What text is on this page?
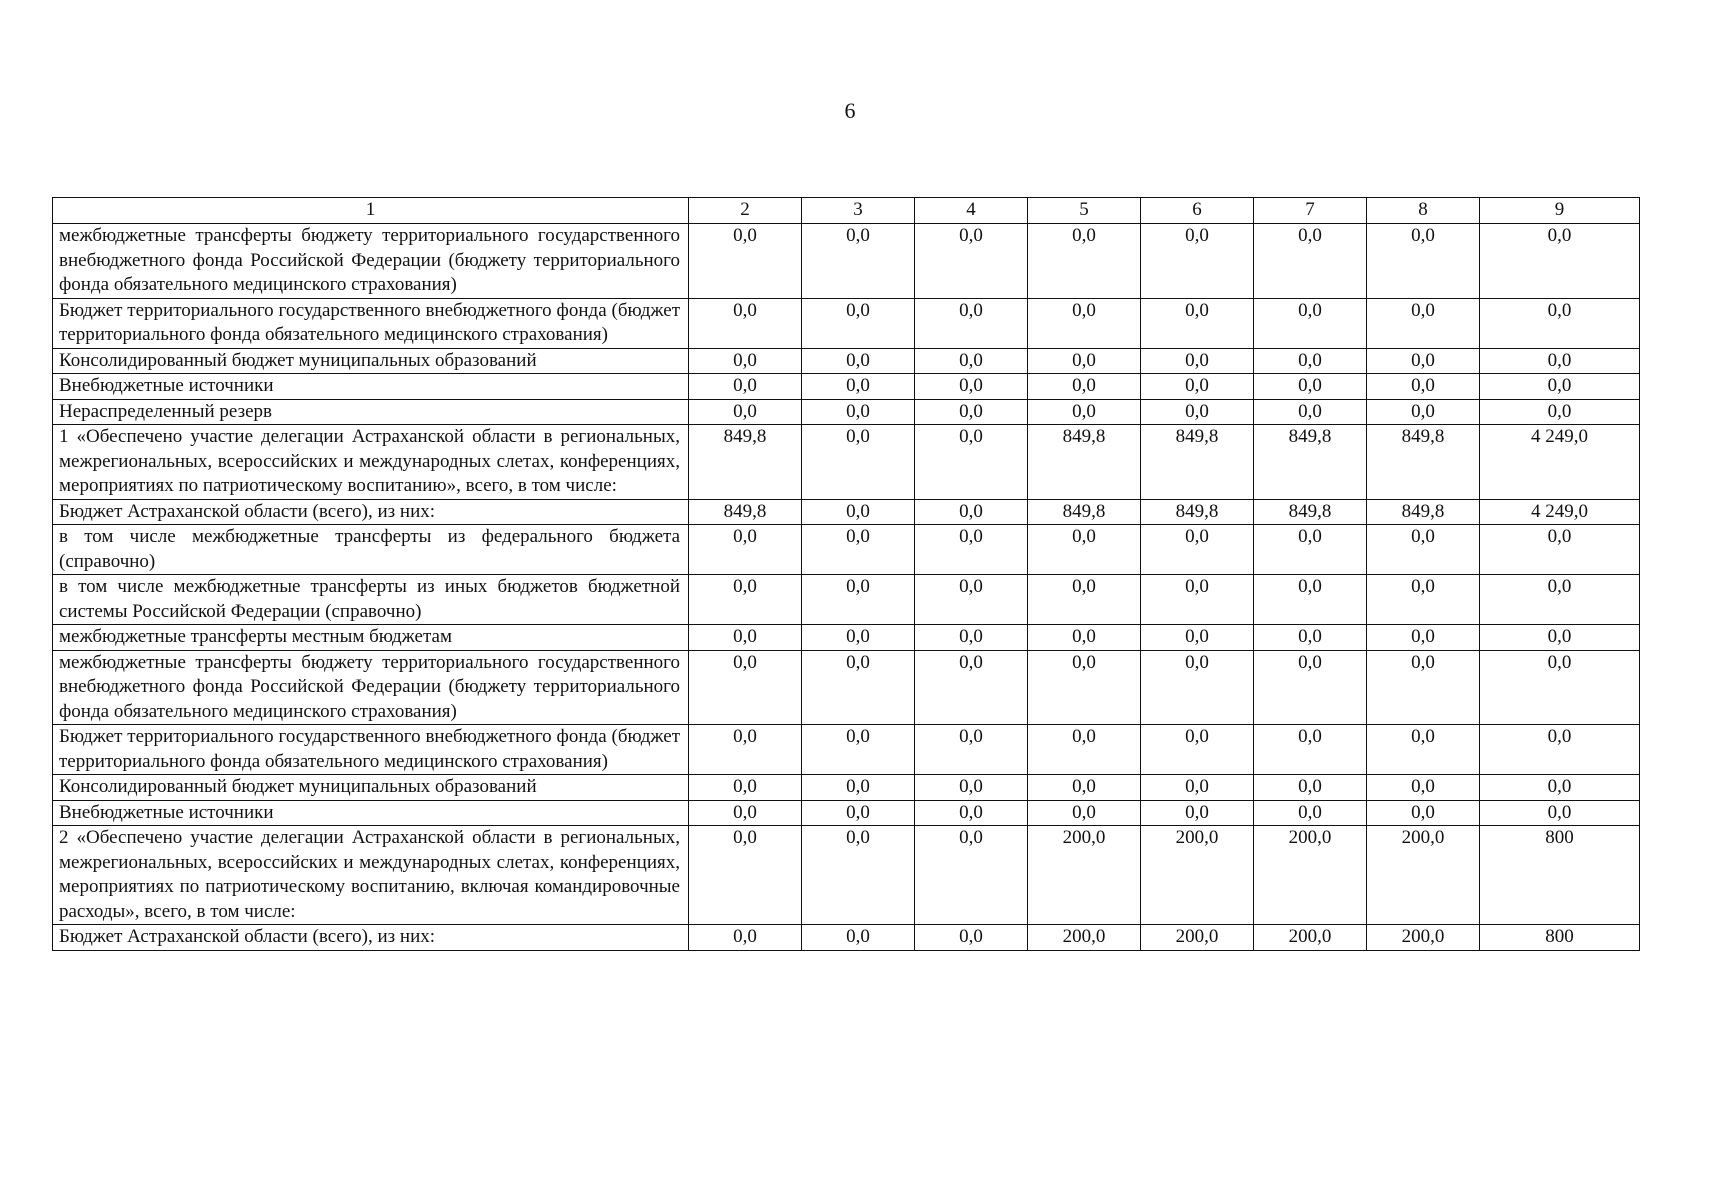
6
1	2	3	4	5	6	7	8	9
межбюджетные трансферты бюджету территориального государственного внебюджетного фонда Российской Федерации (бюджету территориального фонда обязательного медицинского страхования)	0,0	0,0	0,0	0,0	0,0	0,0	0,0	0,0
Бюджет территориального государственного внебюджетного фонда (бюджет территориального фонда обязательного медицинского страхования)	0,0	0,0	0,0	0,0	0,0	0,0	0,0	0,0
Консолидированный бюджет муниципальных образований	0,0	0,0	0,0	0,0	0,0	0,0	0,0	0,0
Внебюджетные источники	0,0	0,0	0,0	0,0	0,0	0,0	0,0	0,0
Нераспределенный резерв	0,0	0,0	0,0	0,0	0,0	0,0	0,0	0,0
1 «Обеспечено участие делегации Астраханской области в региональных, межрегиональных, всероссийских и международных слетах, конференциях, мероприятиях по патриотическому воспитанию», всего, в том числе:	849,8	0,0	0,0	849,8	849,8	849,8	849,8	4 249,0
Бюджет Астраханской области (всего), из них:	849,8	0,0	0,0	849,8	849,8	849,8	849,8	4 249,0
в том числе межбюджетные трансферты из федерального бюджета (справочно)	0,0	0,0	0,0	0,0	0,0	0,0	0,0	0,0
в том числе межбюджетные трансферты из иных бюджетов бюджетной системы Российской Федерации (справочно)	0,0	0,0	0,0	0,0	0,0	0,0	0,0	0,0
межбюджетные трансферты местным бюджетам	0,0	0,0	0,0	0,0	0,0	0,0	0,0	0,0
межбюджетные трансферты бюджету территориального государственного внебюджетного фонда Российской Федерации (бюджету территориального фонда обязательного медицинского страхования)	0,0	0,0	0,0	0,0	0,0	0,0	0,0	0,0
Бюджет территориального государственного внебюджетного фонда (бюджет территориального фонда обязательного медицинского страхования)	0,0	0,0	0,0	0,0	0,0	0,0	0,0	0,0
Консолидированный бюджет муниципальных образований	0,0	0,0	0,0	0,0	0,0	0,0	0,0	0,0
Внебюджетные источники	0,0	0,0	0,0	0,0	0,0	0,0	0,0	0,0
2 «Обеспечено участие делегации Астраханской области в региональных, межрегиональных, всероссийских и международных слетах, конференциях, мероприятиях по патриотическому воспитанию, включая командировочные расходы», всего, в том числе:	0,0	0,0	0,0	200,0	200,0	200,0	200,0	800
Бюджет Астраханской области (всего), из них:	0,0	0,0	0,0	200,0	200,0	200,0	200,0	800
